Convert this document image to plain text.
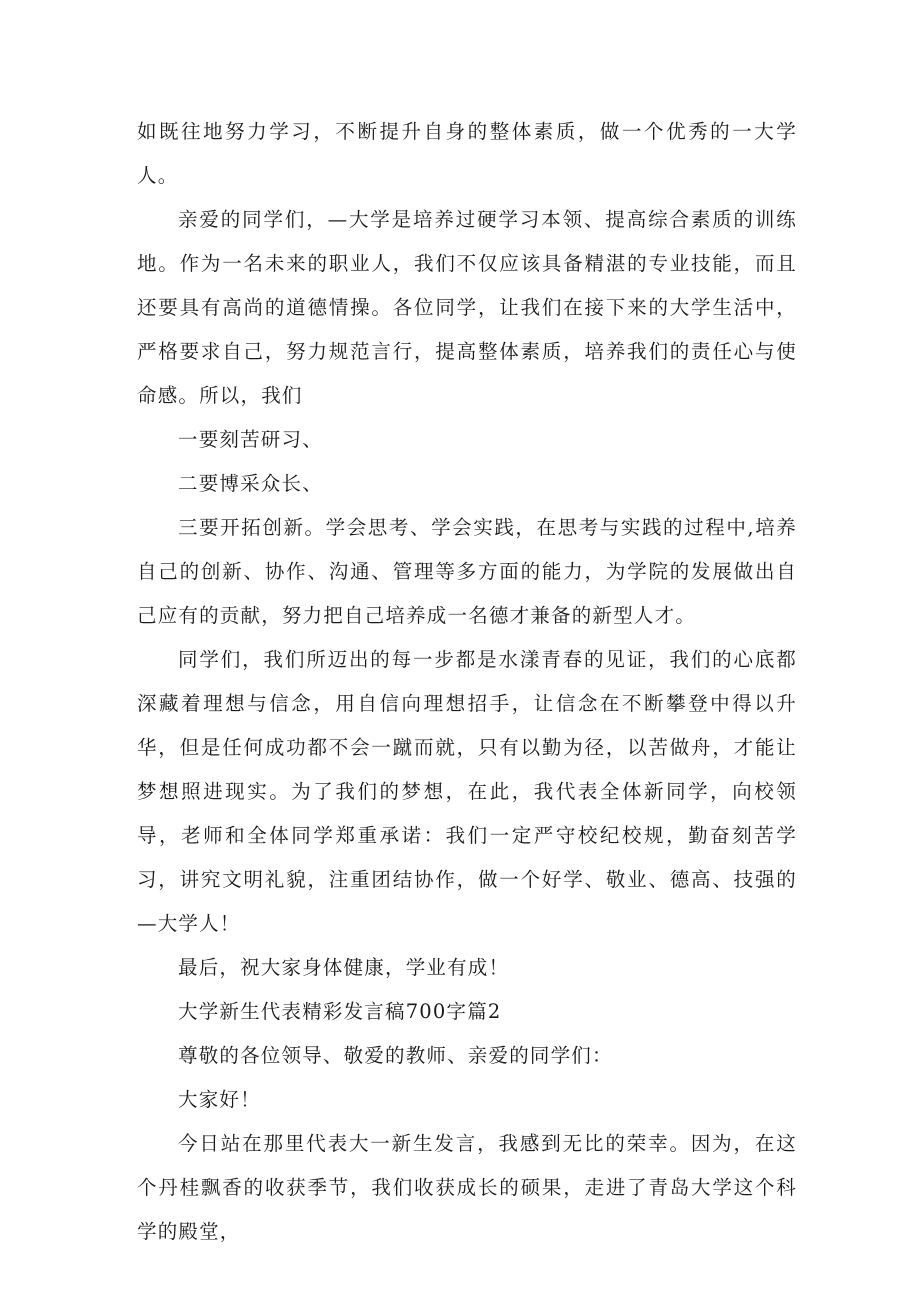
如既往地努力学习，不断提升自身的整体素质，做一个优秀的一大学人。

亲爱的同学们，—大学是培养过硬学习本领、提高综合素质的训练地。作为一名未来的职业人，我们不仅应该具备精湛的专业技能，而且还要具有高尚的道德情操。各位同学，让我们在接下来的大学生活中，严格要求自己，努力规范言行，提高整体素质，培养我们的责任心与使命感。所以，我们

一要刻苦研习、

二要博采众长、

三要开拓创新。学会思考、学会实践，在思考与实践的过程中,培养自己的创新、协作、沟通、管理等多方面的能力，为学院的发展做出自己应有的贡献，努力把自己培养成一名德才兼备的新型人才。

同学们，我们所迈出的每一步都是水漾青春的见证，我们的心底都深藏着理想与信念，用自信向理想招手，让信念在不断攀登中得以升华，但是任何成功都不会一蹴而就，只有以勤为径，以苦做舟，才能让梦想照进现实。为了我们的梦想，在此，我代表全体新同学，向校领导，老师和全体同学郑重承诺：我们一定严守校纪校规，勤奋刻苦学习，讲究文明礼貌，注重团结协作，做一个好学、敬业、德高、技强的—大学人！

最后，祝大家身体健康，学业有成！

大学新生代表精彩发言稿700字篇2

尊敬的各位领导、敬爱的教师、亲爱的同学们：

大家好！

今日站在那里代表大一新生发言，我感到无比的荣幸。因为，在这个丹桂飘香的收获季节，我们收获成长的硕果，走进了青岛大学这个科学的殿堂，
